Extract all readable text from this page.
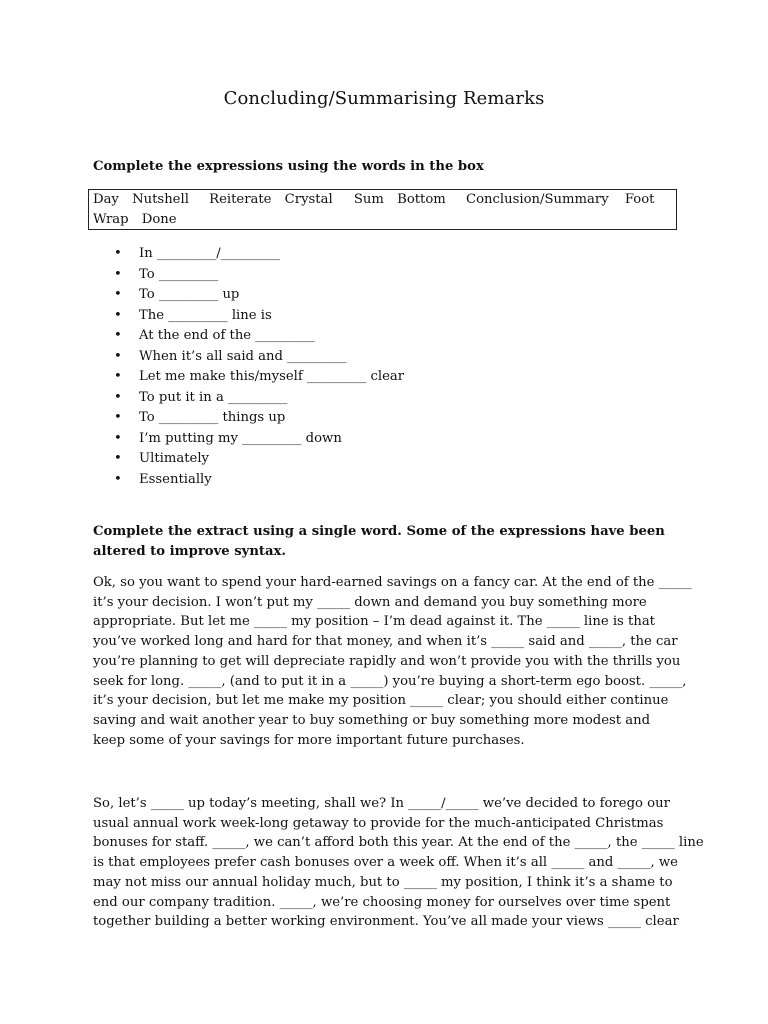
Concluding/Summarising Remarks
Complete the expressions using the words in the box
Day Nutshell Reiterate Crystal Sum Bottom Conclusion/Summary Foot
Wrap Done
• In _________/_________
• To _________
• To _________ up
• The _________ line is
• At the end of the _________
• When it’s all said and _________
• Let me make this/myself _________ clear
• To put it in a _________
• To _________ things up
• I’m putting my _________ down
• Ultimately
• Essentially
Complete the extract using a single word. Some of the expressions have been
altered to improve syntax.
Ok, so you want to spend your hard-earned savings on a fancy car. At the end of the _____
it’s your decision. I won’t put my _____ down and demand you buy something more
appropriate. But let me _____ my position – I’m dead against it. The _____ line is that
you’ve worked long and hard for that money, and when it’s _____ said and _____, the car
you’re planning to get will depreciate rapidly and won’t provide you with the thrills you
seek for long. _____, (and to put it in a _____) you’re buying a short-term ego boost. _____,
it’s your decision, but let me make my position _____ clear; you should either continue
saving and wait another year to buy something or buy something more modest and
keep some of your savings for more important future purchases.
So, let’s _____ up today’s meeting, shall we? In _____/_____ we’ve decided to forego our
usual annual work week-long getaway to provide for the much-anticipated Christmas
bonuses for staff. _____, we can’t afford both this year. At the end of the _____, the _____ line
is that employees prefer cash bonuses over a week off. When it’s all _____ and _____, we
may not miss our annual holiday much, but to _____ my position, I think it’s a shame to
end our company tradition. _____, we’re choosing money for ourselves over time spent
together building a better working environment. You’ve all made your views _____ clear
